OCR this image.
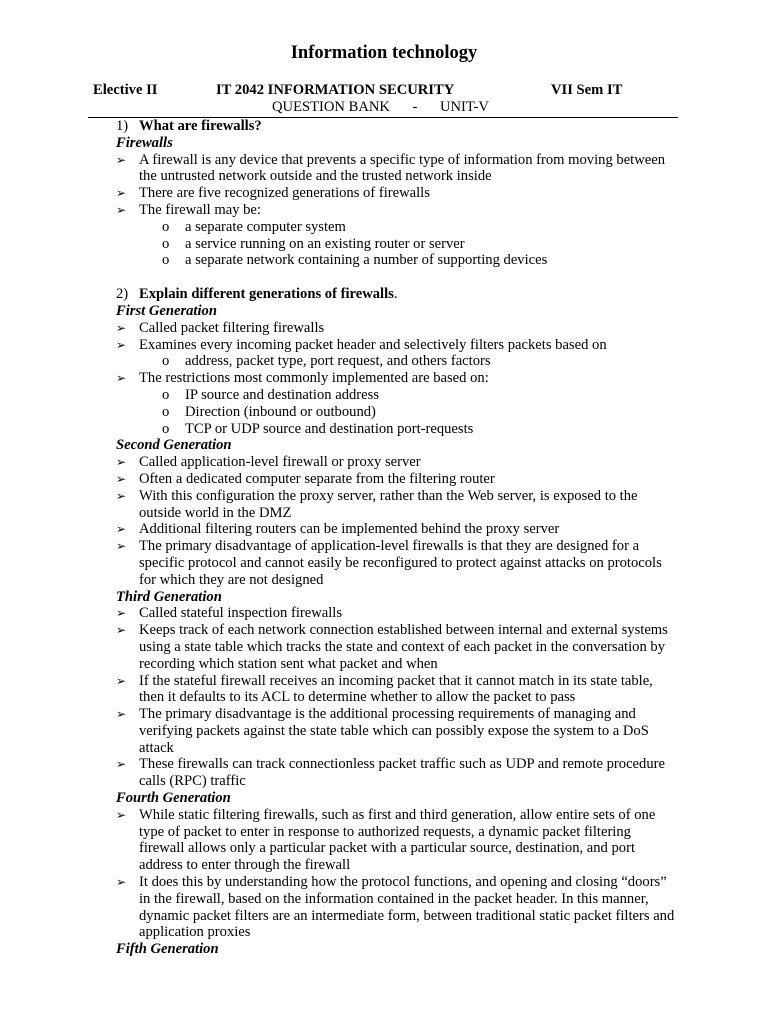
Information technology
Elective II	IT 2042 INFORMATION SECURITY	VII Sem IT
QUESTION BANK - UNIT-V
1) What are firewalls?
Firewalls
➢ A firewall is any device that prevents a specific type of information from moving between the untrusted network outside and the trusted network inside
➢ There are five recognized generations of firewalls
➢ The firewall may be:
o a separate computer system
o a service running on an existing router or server
o a separate network containing a number of supporting devices
2) Explain different generations of firewalls.
First Generation
➢ Called packet filtering firewalls
➢ Examines every incoming packet header and selectively filters packets based on
o address, packet type, port request, and others factors
➢ The restrictions most commonly implemented are based on:
o IP source and destination address
o Direction (inbound or outbound)
o TCP or UDP source and destination port-requests
Second Generation
➢ Called application-level firewall or proxy server
➢ Often a dedicated computer separate from the filtering router
➢ With this configuration the proxy server, rather than the Web server, is exposed to the outside world in the DMZ
➢ Additional filtering routers can be implemented behind the proxy server
➢ The primary disadvantage of application-level firewalls is that they are designed for a specific protocol and cannot easily be reconfigured to protect against attacks on protocols for which they are not designed
Third Generation
➢ Called stateful inspection firewalls
➢ Keeps track of each network connection established between internal and external systems using a state table which tracks the state and context of each packet in the conversation by recording which station sent what packet and when
➢ If the stateful firewall receives an incoming packet that it cannot match in its state table, then it defaults to its ACL to determine whether to allow the packet to pass
➢ The primary disadvantage is the additional processing requirements of managing and verifying packets against the state table which can possibly expose the system to a DoS attack
➢ These firewalls can track connectionless packet traffic such as UDP and remote procedure calls (RPC) traffic
Fourth Generation
➢ While static filtering firewalls, such as first and third generation, allow entire sets of one type of packet to enter in response to authorized requests, a dynamic packet filtering firewall allows only a particular packet with a particular source, destination, and port address to enter through the firewall
➢ It does this by understanding how the protocol functions, and opening and closing “doors” in the firewall, based on the information contained in the packet header. In this manner, dynamic packet filters are an intermediate form, between traditional static packet filters and application proxies
Fifth Generation
